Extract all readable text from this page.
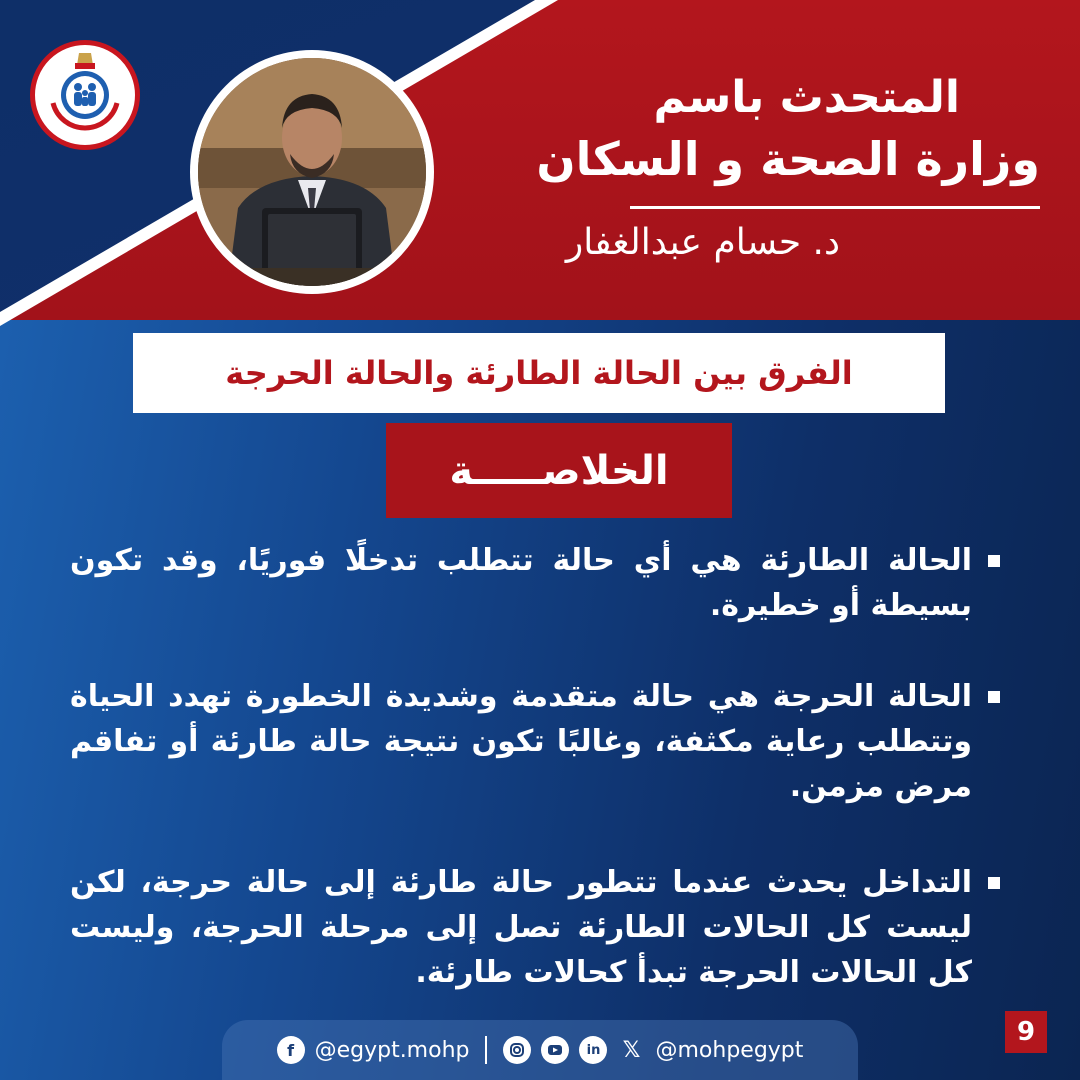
المتحدث باسم
وزارة الصحة و السكان
د. حسام عبدالغفار
الفرق بين الحالة الطارئة والحالة الحرجة
الخلاصـــــة
الحالة الطارئة هي أي حالة تتطلب تدخلًا فوريًا، وقد تكون بسيطة أو خطيرة.
الحالة الحرجة هي حالة متقدمة وشديدة الخطورة تهدد الحياة وتتطلب رعاية مكثفة، وغالبًا تكون نتيجة حالة طارئة أو تفاقم مرض مزمن.
التداخل يحدث عندما تتطور حالة طارئة إلى حالة حرجة، لكن ليست كل الحالات الطارئة تصل إلى مرحلة الحرجة، وليست كل الحالات الحرجة تبدأ كحالات طارئة.
f @egypt.mohp	in	𝕏 @mohpegypt
9
